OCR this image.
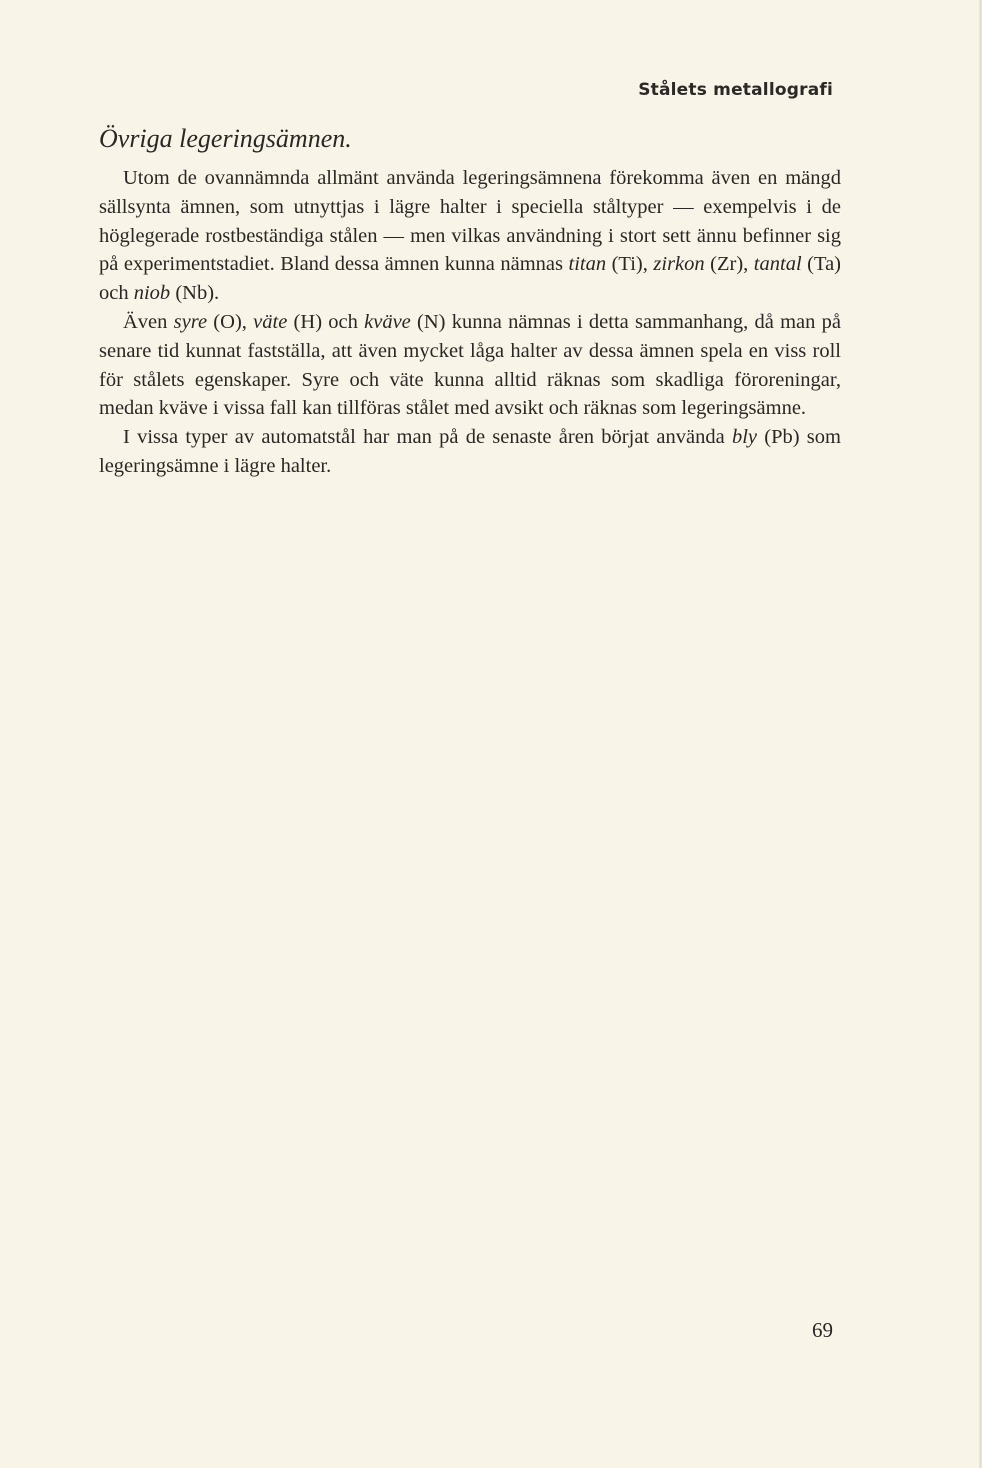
Stålets metallografi
Övriga legeringsämnen.

Utom de ovannämnda allmänt använda legeringsämnena förekomma även en mängd sällsynta ämnen, som utnyttjas i lägre halter i speciella ståltyper — exempelvis i de höglegerade rostbeständiga stålen — men vilkas användning i stort sett ännu befinner sig på experimentstadiet. Bland dessa ämnen kunna nämnas titan (Ti), zirkon (Zr), tantal (Ta) och niob (Nb).

Även syre (O), väte (H) och kväve (N) kunna nämnas i detta sammanhang, då man på senare tid kunnat fastställa, att även mycket låga halter av dessa ämnen spela en viss roll för stålets egenskaper. Syre och väte kunna alltid räknas som skadliga föroreningar, medan kväve i vissa fall kan tillföras stålet med avsikt och räknas som legeringsämne.

I vissa typer av automatstål har man på de senaste åren börjat använda bly (Pb) som legeringsämne i lägre halter.

69
